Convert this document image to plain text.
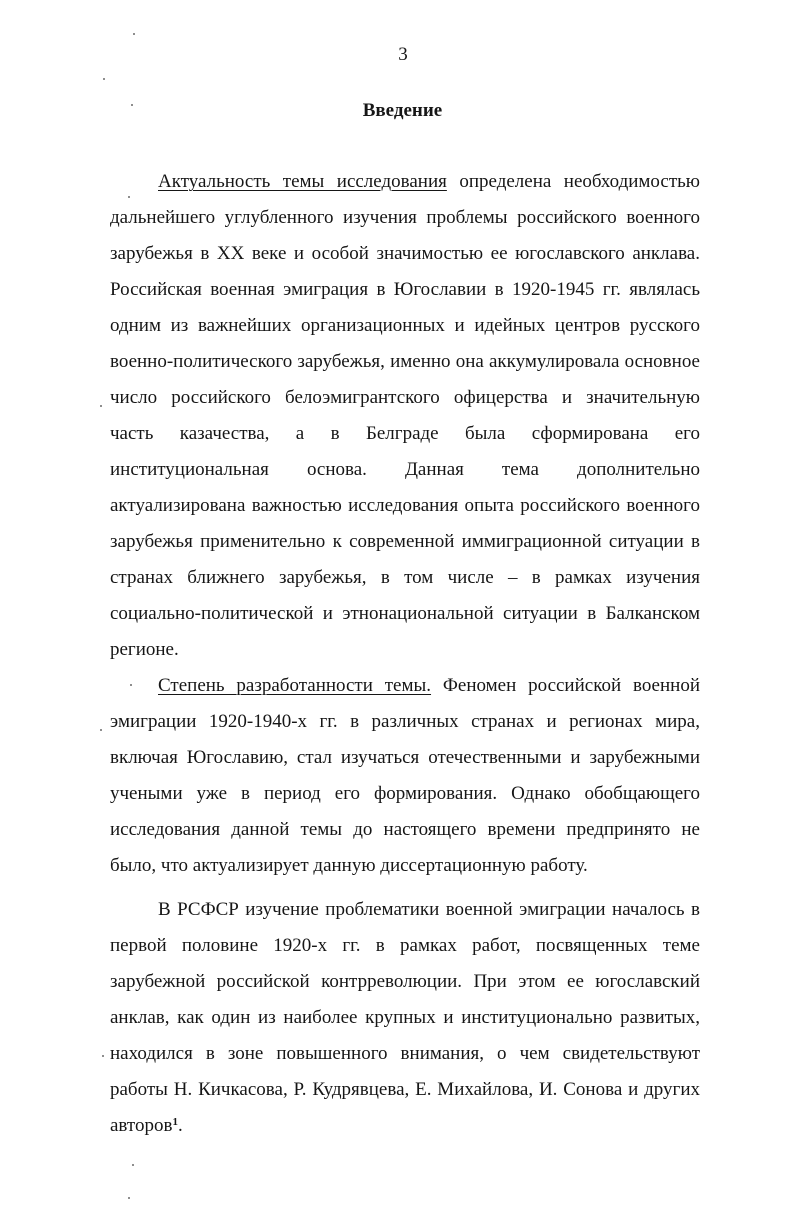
3
Введение

Актуальность темы исследования определена необходимостью дальнейшего углубленного изучения проблемы российского военного зарубежья в XX веке и особой значимостью ее югославского анклава. Российская военная эмиграция в Югославии в 1920-1945 гг. являлась одним из важнейших организационных и идейных центров русского военно-политического зарубежья, именно она аккумулировала основное число российского белоэмигрантского офицерства и значительную часть казачества, а в Белграде была сформирована его институциональная основа. Данная тема дополнительно актуализирована важностью исследования опыта российского военного зарубежья применительно к современной иммиграционной ситуации в странах ближнего зарубежья, в том числе – в рамках изучения социально-политической и этнонациональной ситуации в Балканском регионе.

Степень разработанности темы. Феномен российской военной эмиграции 1920-1940-х гг. в различных странах и регионах мира, включая Югославию, стал изучаться отечественными и зарубежными учеными уже в период его формирования. Однако обобщающего исследования данной темы до настоящего времени предпринято не было, что актуализирует данную диссертационную работу.

В РСФСР изучение проблематики военной эмиграции началось в первой половине 1920-х гг. в рамках работ, посвященных теме зарубежной российской контрреволюции. При этом ее югославский анклав, как один из наиболее крупных и институционально развитых, находился в зоне повышенного внимания, о чем свидетельствуют работы Н. Кичкасова, Р. Кудрявцева, Е. Михайлова, И. Сонова и других авторов$^1$.
